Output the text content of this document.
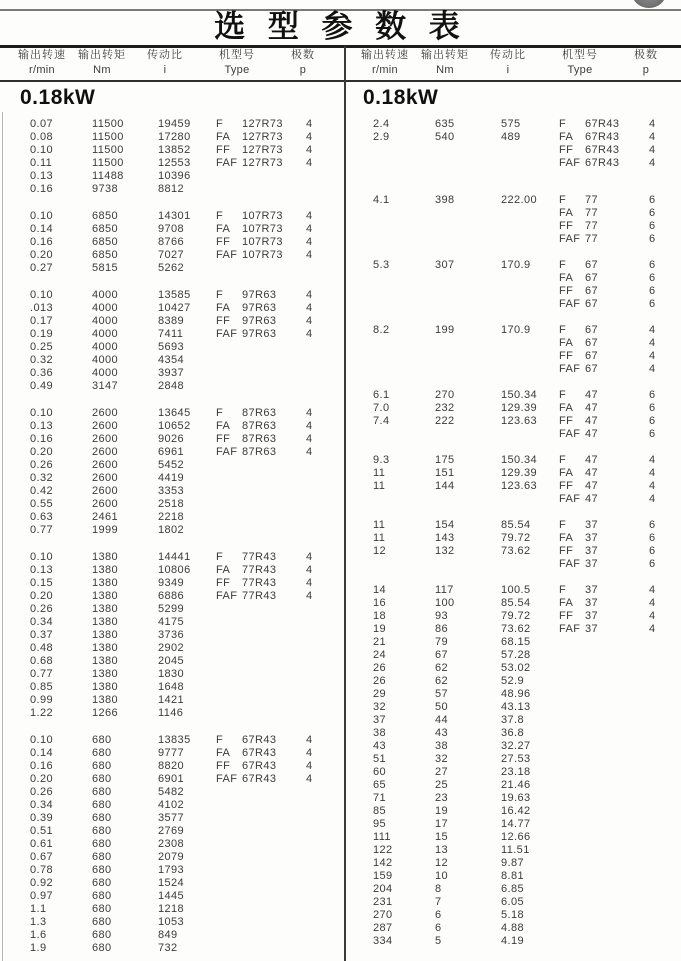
选 型 参 数 表
输出转速
r/min
输出转矩
Nm
传动比
i
机型号
Type
极数
p
输出转速
r/min
输出转矩
Nm
传动比
i
机型号
Type
极数
p
0.18kW
0.07	11500	19459	F	127R73	4
0.08	11500	17280	FA	127R73	4
0.10	11500	13852	FF	127R73	4
0.11	11500	12553	FAF 127R73	4
0.13	11488	10396
0.16	9738	8812
0.10	6850	14301	F	107R73	4
0.14	6850	9708	FA	107R73	4
0.16	6850	8766	FF	107R73	4
0.20	6850	7027	FAF 107R73	4
0.27	5815	5262
0.10	4000	13585	F	97R63	4
.013	4000	10427	FA	97R63	4
0.17	4000	8389	FF	97R63	4
0.19	4000	7411	FAF 97R63	4
0.25	4000	5693
0.32	4000	4354
0.36	4000	3937
0.49	3147	2848
0.10	2600	13645	F	87R63	4
0.13	2600	10652	FA	87R63	4
0.16	2600	9026	FF	87R63	4
0.20	2600	6961	FAF 87R63	4
0.26	2600	5452
0.32	2600	4419
0.42	2600	3353
0.55	2600	2518
0.63	2461	2218
0.77	1999	1802
0.10	1380	14441	F	77R43	4
0.13	1380	10806	FA	77R43	4
0.15	1380	9349	FF	77R43	4
0.20	1380	6886	FAF 77R43	4
0.26	1380	5299
0.34	1380	4175
0.37	1380	3736
0.48	1380	2902
0.68	1380	2045
0.77	1380	1830
0.85	1380	1648
0.99	1380	1421
1.22	1266	1146
0.10	680	13835	F	67R43	4
0.14	680	9777	FA	67R43	4
0.16	680	8820	FF	67R43	4
0.20	680	6901	FAF 67R43	4
0.26	680	5482
0.34	680	4102
0.39	680	3577
0.51	680	2769
0.61	680	2308
0.67	680	2079
0.78	680	1793
0.92	680	1524
0.97	680	1445
1.1	680	1218
1.3	680	1053
1.6	680	849
1.9	680	732
0.18kW
2.4	635	575	F	67R43	4
2.9	540	489	FA	67R43	4
FF	67R43	4
FAF 67R43	4
4.1	398	222.00	F	77	6
FA	77	6
FF	77	6
FAF 77	6
5.3	307	170.9	F	67	6
FA	67	6
FF	67	6
FAF 67	6
8.2	199	170.9	F	67	4
FA	67	4
FF	67	4
FAF 67	4
6.1	270	150.34	F	47	6
7.0	232	129.39	FA	47	6
7.4	222	123.63	FF	47	6
FAF 47	6
9.3	175	150.34	F	47	4
11	151	129.39	FA	47	4
11	144	123.63	FF	47	4
FAF 47	4
11	154	85.54	F	37	6
11	143	79.72	FA	37	6
12	132	73.62	FF	37	6
FAF 37	6
14	117	100.5	F	37	4
16	100	85.54	FA	37	4
18	93	79.72	FF	37	4
19	86	73.62	FAF 37	4
21	79	68.15
24	67	57.28
26	62	53.02
26	62	52.9
29	57	48.96
32	50	43.13
37	44	37.8
38	43	36.8
43	38	32.27
51	32	27.53
60	27	23.18
65	25	21.46
71	23	19.63
85	19	16.42
95	17	14.77
111	15	12.66
122	13	11.51
142	12	9.87
159	10	8.81
204	8	6.85
231	7	6.05
270	6	5.18
287	6	4.88
334	5	4.19
